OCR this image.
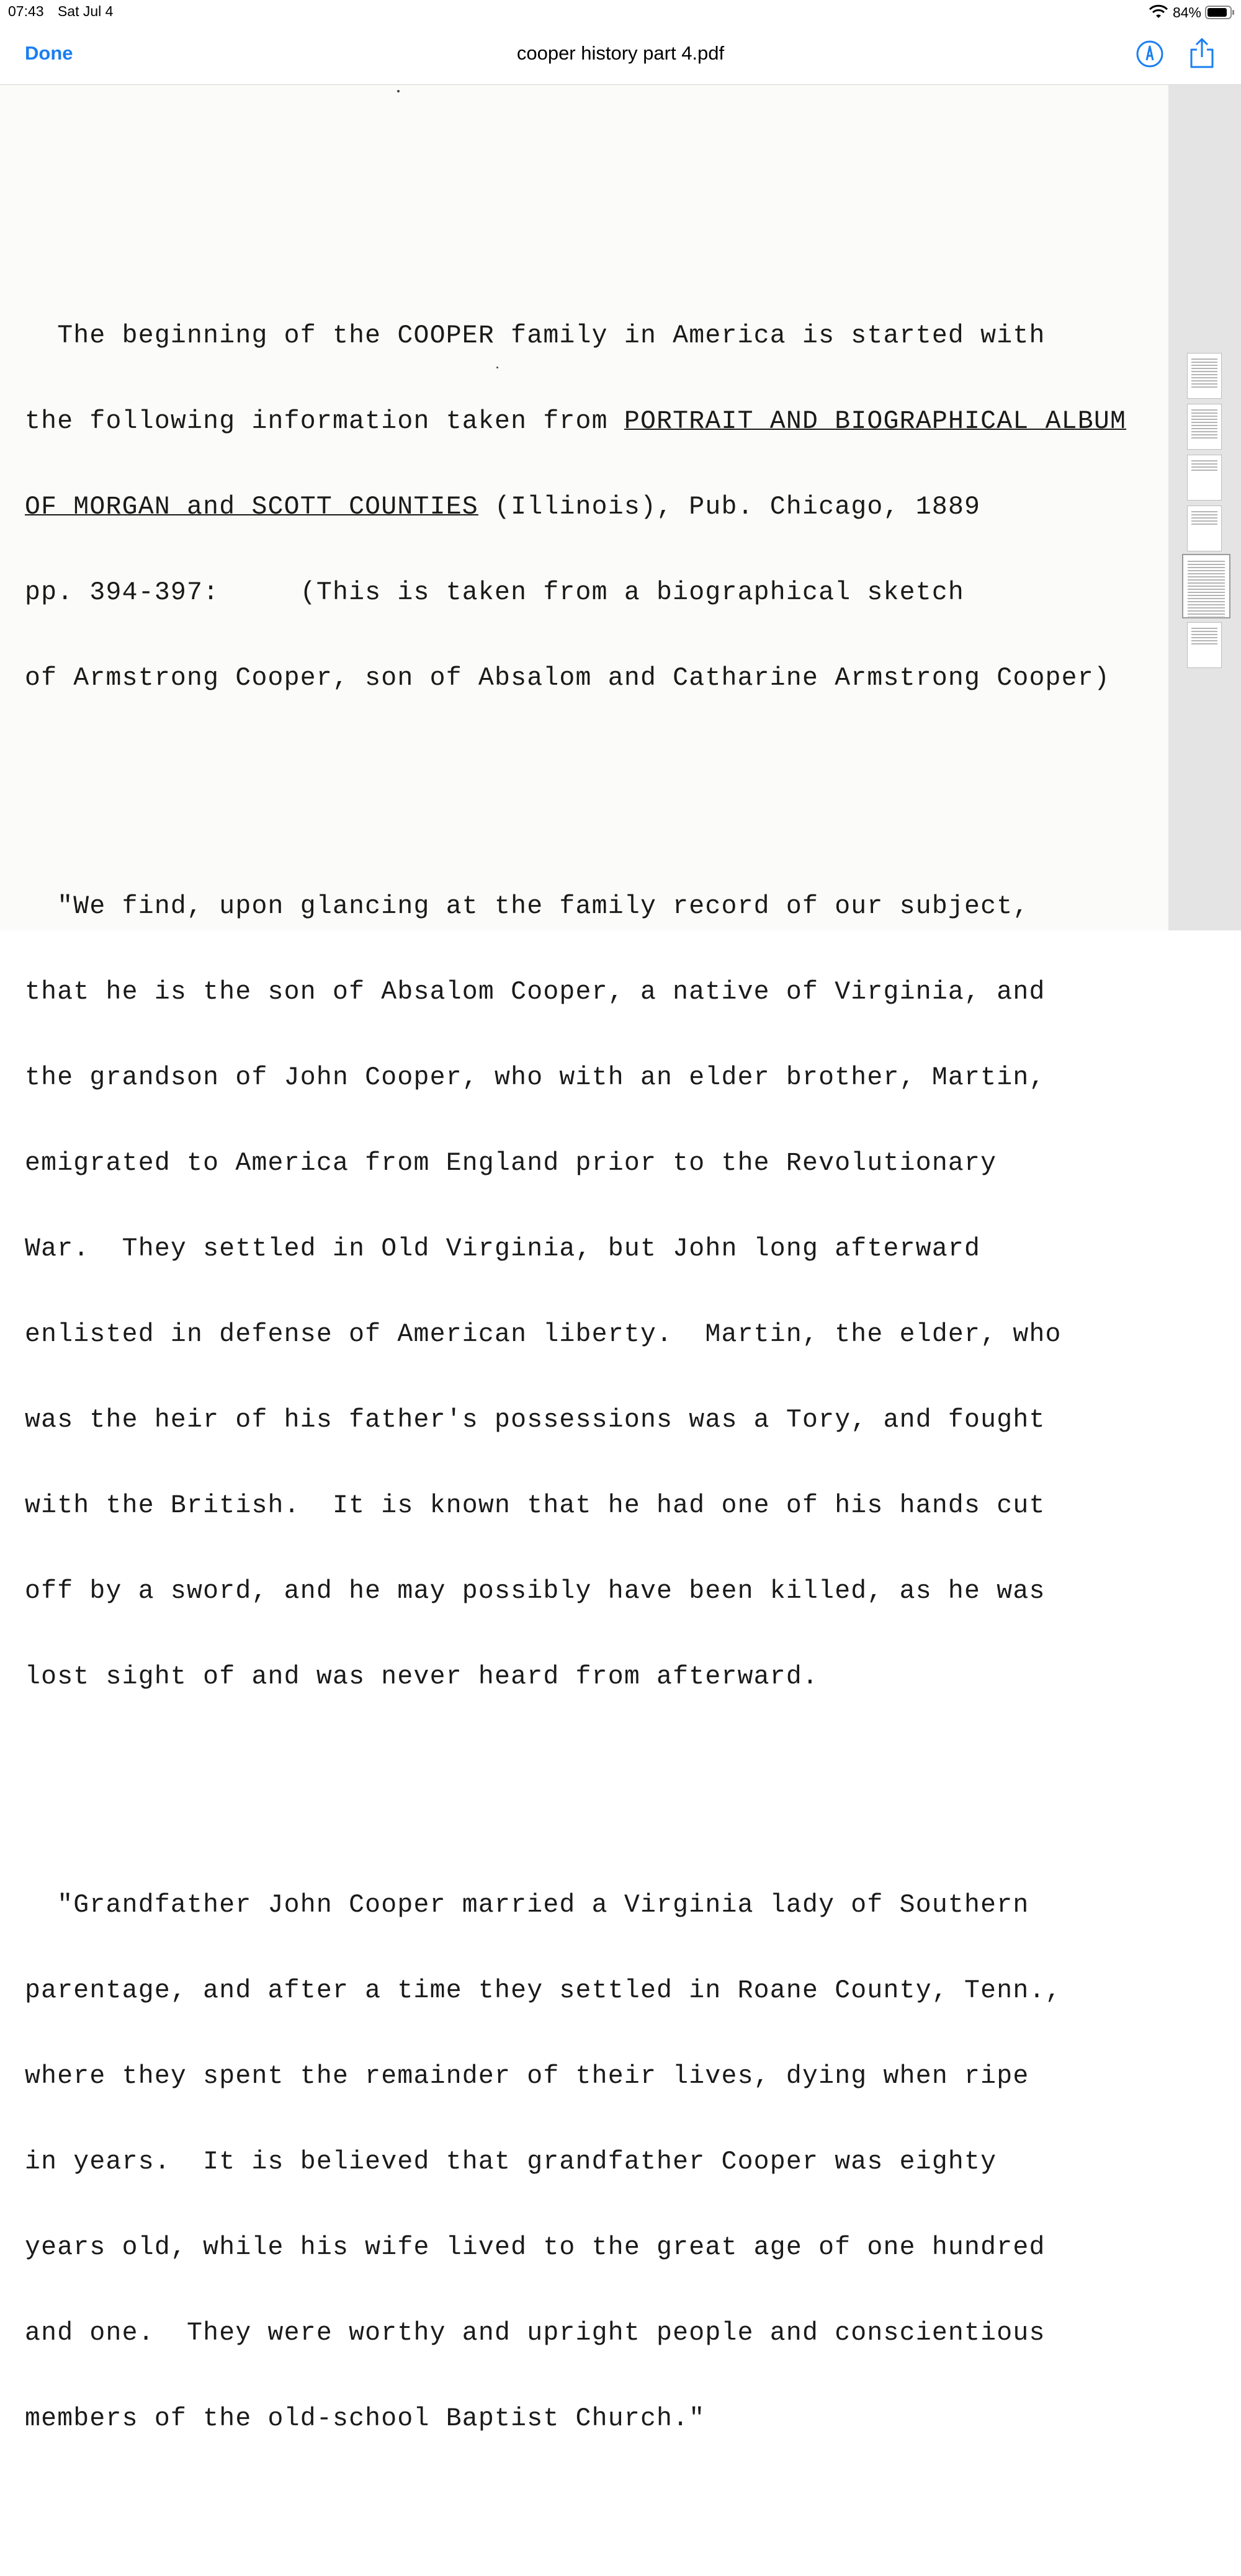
07:43 Sat Jul 4	84%
Done	cooper history part 4.pdf

The beginning of the COOPER family in America is started with

the following information taken from PORTRAIT AND BIOGRAPHICAL ALBUM

OF MORGAN and SCOTT COUNTIES (Illinois), Pub. Chicago, 1889

pp. 394-397:     (This is taken from a biographical sketch

of Armstrong Cooper, son of Absalom and Catharine Armstrong Cooper)

"We find, upon glancing at the family record of our subject,

that he is the son of Absalom Cooper, a native of Virginia, and

the grandson of John Cooper, who with an elder brother, Martin,

emigrated to America from England prior to the Revolutionary

War.  They settled in Old Virginia, but John long afterward

enlisted in defense of American liberty.  Martin, the elder, who

was the heir of his father's possessions was a Tory, and fought

with the British.  It is known that he had one of his hands cut

off by a sword, and he may possibly have been killed, as he was

lost sight of and was never heard from afterward.

"Grandfather John Cooper married a Virginia lady of Southern

parentage, and after a time they settled in Roane County, Tenn.,

where they spent the remainder of their lives, dying when ripe

in years.  It is believed that grandfather Cooper was eighty

years old, while his wife lived to the great age of one hundred

and one.  They were worthy and upright people and conscientious

members of the old-school Baptist Church."
